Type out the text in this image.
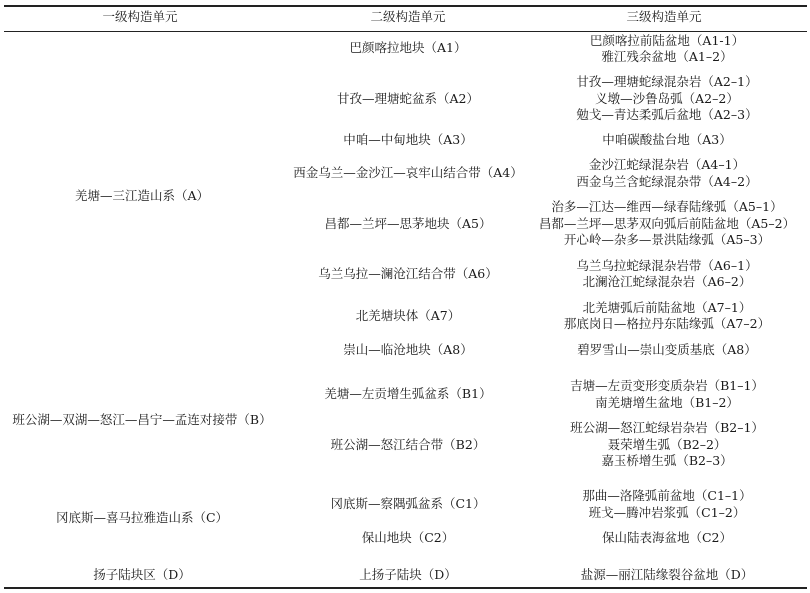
一级构造单元	二级构造单元	三级构造单元
羌塘—三江造山系（A）
班公湖—双湖—怒江—昌宁—孟连对接带（B）
冈底斯—喜马拉雅造山系（C）
扬子陆块区（D）
巴颜喀拉地块（A1）
甘孜—理塘蛇盆系（A2）
中咱—中甸地块（A3）
西金乌兰—金沙江—哀牢山结合带（A4）
昌都—兰坪—思茅地块（A5）
乌兰乌拉—澜沧江结合带（A6）
北羌塘块体（A7）
崇山—临沧地块（A8）
羌塘—左贡增生弧盆系（B1）
班公湖—怒江结合带（B2）
冈底斯—察隅弧盆系（C1）
保山地块（C2）
上扬子陆块（D）
巴颜喀拉前陆盆地（A1-1）
雅江残余盆地（A1–2）
甘孜—理塘蛇绿混杂岩（A2–1）
义墩—沙鲁岛弧（A2–2）
勉戈—青达柔弧后盆地（A2–3）
中咱碳酸盐台地（A3）
金沙江蛇绿混杂岩（A4–1）
西金乌兰含蛇绿混杂带（A4–2）
治多—江达—维西—绿春陆缘弧（A5–1）
昌都—兰坪—思茅双向弧后前陆盆地（A5–2）
开心岭—杂多—景洪陆缘弧（A5–3）
乌兰乌拉蛇绿混杂岩带（A6–1）
北澜沧江蛇绿混杂岩（A6–2）
北羌塘弧后前陆盆地（A7–1）
那底岗日—格拉丹东陆缘弧（A7–2）
碧罗雪山—崇山变质基底（A8）
吉塘—左贡变形变质杂岩（B1–1）
南羌塘增生盆地（B1–2）
班公湖—怒江蛇绿岩杂岩（B2–1）
聂荣增生弧（B2–2）
嘉玉桥增生弧（B2–3）
那曲—洛隆弧前盆地（C1–1）
班戈—腾冲岩浆弧（C1–2）
保山陆表海盆地（C2）
盐源—丽江陆缘裂谷盆地（D）
